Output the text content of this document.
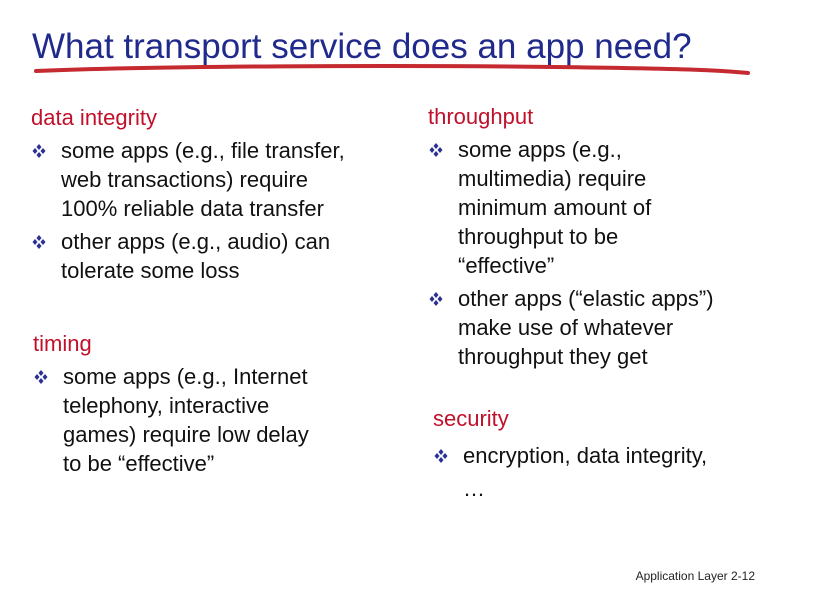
What transport service does an app need?
data integrity
some apps (e.g., file transfer,
web transactions) require
100% reliable data transfer
other apps (e.g., audio) can
tolerate some loss
timing
some apps (e.g., Internet
telephony, interactive
games) require low delay
to be “effective”
throughput
some apps (e.g.,
multimedia) require
minimum amount of
throughput to be
“effective”
other apps (“elastic apps”)
make use of whatever
throughput they get
security
encryption, data integrity,
…
Application Layer 2-12
